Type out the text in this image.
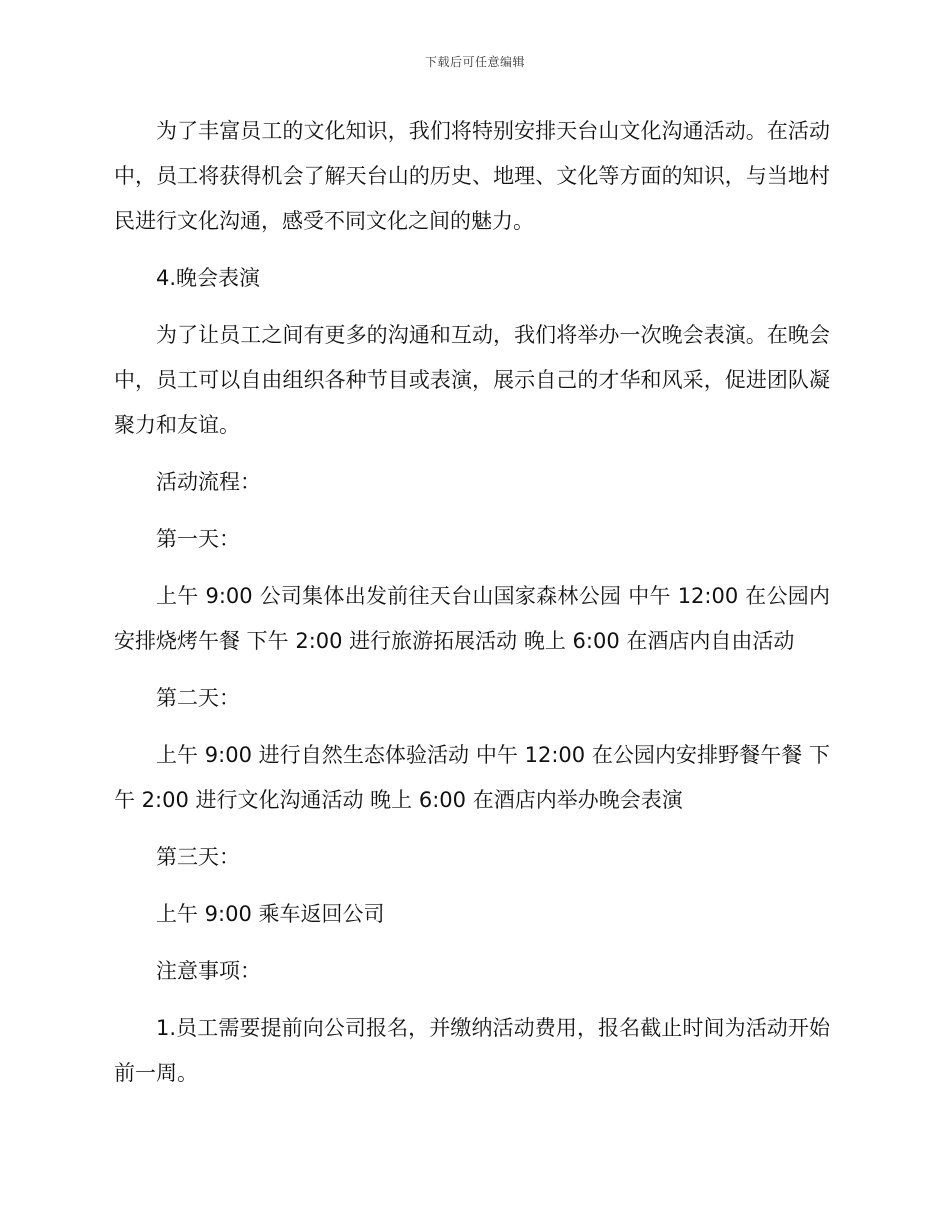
下载后可任意编辑

为了丰富员工的文化知识，我们将特别安排天台山文化沟通活动。在活动中，员工将获得机会了解天台山的历史、地理、文化等方面的知识，与当地村民进行文化沟通，感受不同文化之间的魅力。

4.晚会表演

为了让员工之间有更多的沟通和互动，我们将举办一次晚会表演。在晚会中，员工可以自由组织各种节目或表演，展示自己的才华和风采，促进团队凝聚力和友谊。

活动流程：

第一天：

上午 9:00 公司集体出发前往天台山国家森林公园 中午 12:00 在公园内安排烧烤午餐 下午 2:00 进行旅游拓展活动 晚上 6:00 在酒店内自由活动

第二天：

上午 9:00 进行自然生态体验活动 中午 12:00 在公园内安排野餐午餐 下午 2:00 进行文化沟通活动 晚上 6:00 在酒店内举办晚会表演

第三天：

上午 9:00 乘车返回公司

注意事项：

1.员工需要提前向公司报名，并缴纳活动费用，报名截止时间为活动开始前一周。
